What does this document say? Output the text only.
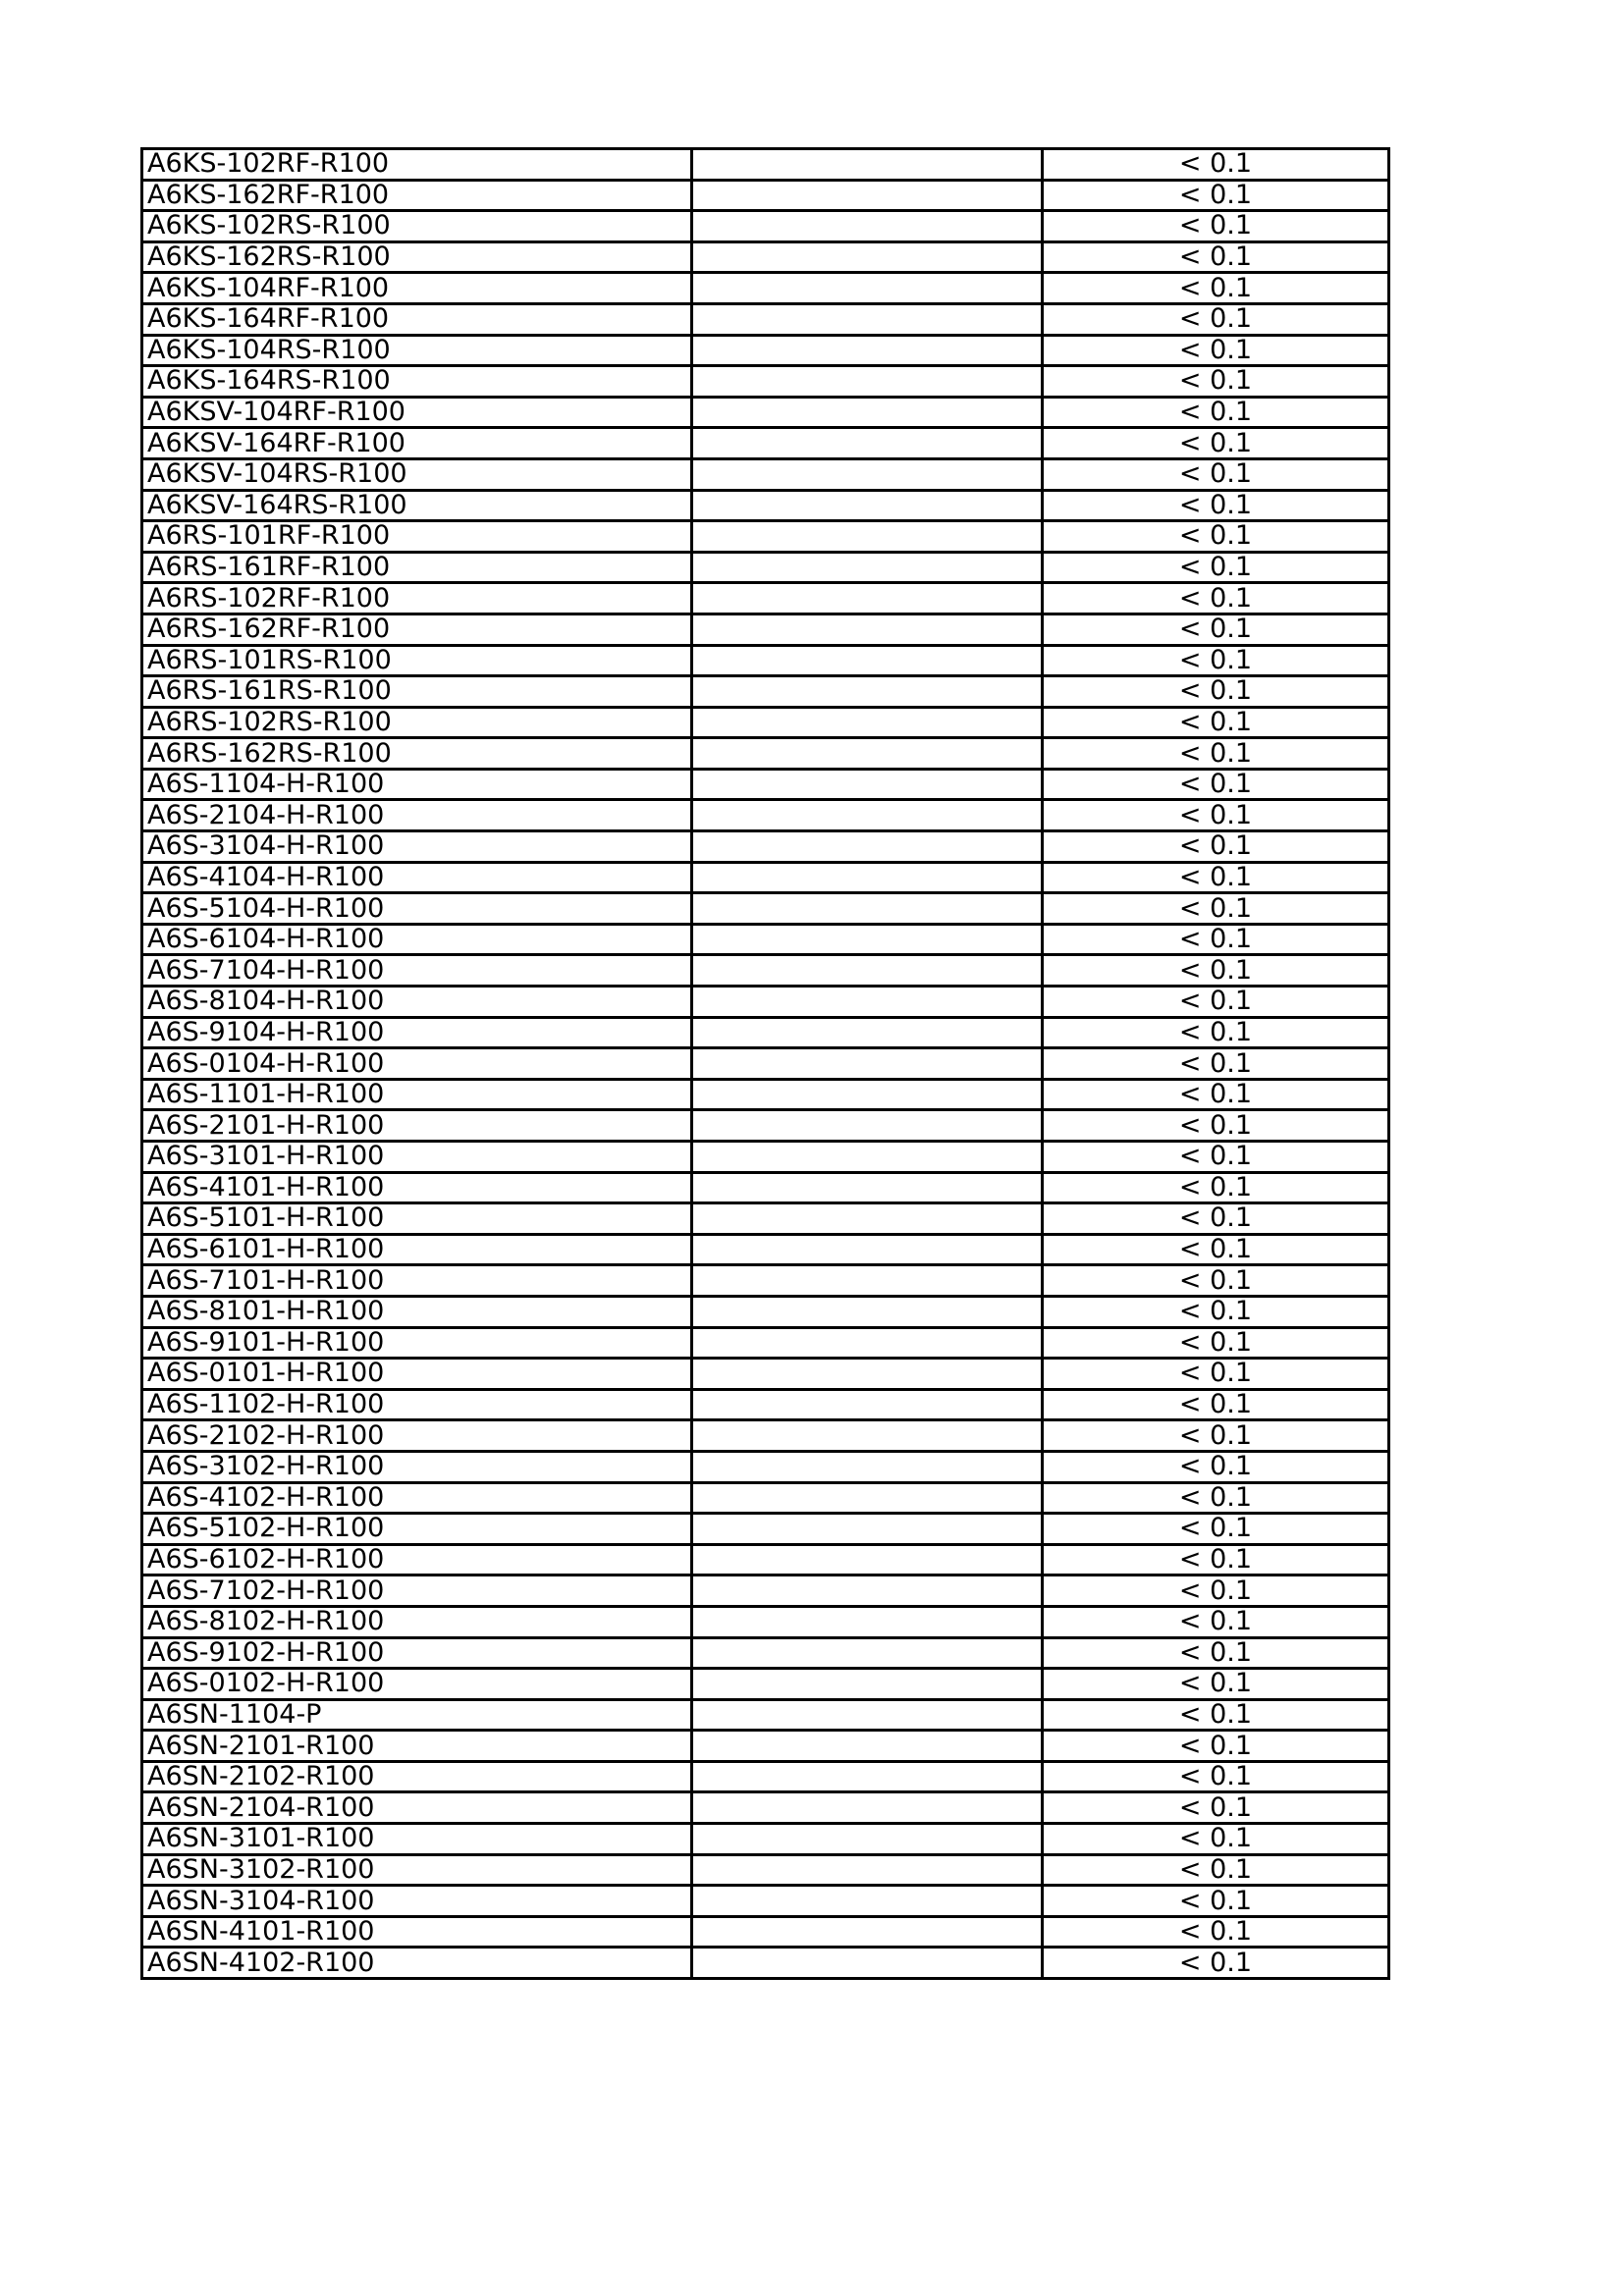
A6KS-102RF-R100		< 0.1
A6KS-162RF-R100		< 0.1
A6KS-102RS-R100		< 0.1
A6KS-162RS-R100		< 0.1
A6KS-104RF-R100		< 0.1
A6KS-164RF-R100		< 0.1
A6KS-104RS-R100		< 0.1
A6KS-164RS-R100		< 0.1
A6KSV-104RF-R100		< 0.1
A6KSV-164RF-R100		< 0.1
A6KSV-104RS-R100		< 0.1
A6KSV-164RS-R100		< 0.1
A6RS-101RF-R100		< 0.1
A6RS-161RF-R100		< 0.1
A6RS-102RF-R100		< 0.1
A6RS-162RF-R100		< 0.1
A6RS-101RS-R100		< 0.1
A6RS-161RS-R100		< 0.1
A6RS-102RS-R100		< 0.1
A6RS-162RS-R100		< 0.1
A6S-1104-H-R100		< 0.1
A6S-2104-H-R100		< 0.1
A6S-3104-H-R100		< 0.1
A6S-4104-H-R100		< 0.1
A6S-5104-H-R100		< 0.1
A6S-6104-H-R100		< 0.1
A6S-7104-H-R100		< 0.1
A6S-8104-H-R100		< 0.1
A6S-9104-H-R100		< 0.1
A6S-0104-H-R100		< 0.1
A6S-1101-H-R100		< 0.1
A6S-2101-H-R100		< 0.1
A6S-3101-H-R100		< 0.1
A6S-4101-H-R100		< 0.1
A6S-5101-H-R100		< 0.1
A6S-6101-H-R100		< 0.1
A6S-7101-H-R100		< 0.1
A6S-8101-H-R100		< 0.1
A6S-9101-H-R100		< 0.1
A6S-0101-H-R100		< 0.1
A6S-1102-H-R100		< 0.1
A6S-2102-H-R100		< 0.1
A6S-3102-H-R100		< 0.1
A6S-4102-H-R100		< 0.1
A6S-5102-H-R100		< 0.1
A6S-6102-H-R100		< 0.1
A6S-7102-H-R100		< 0.1
A6S-8102-H-R100		< 0.1
A6S-9102-H-R100		< 0.1
A6S-0102-H-R100		< 0.1
A6SN-1104-P		< 0.1
A6SN-2101-R100		< 0.1
A6SN-2102-R100		< 0.1
A6SN-2104-R100		< 0.1
A6SN-3101-R100		< 0.1
A6SN-3102-R100		< 0.1
A6SN-3104-R100		< 0.1
A6SN-4101-R100		< 0.1
A6SN-4102-R100		< 0.1
